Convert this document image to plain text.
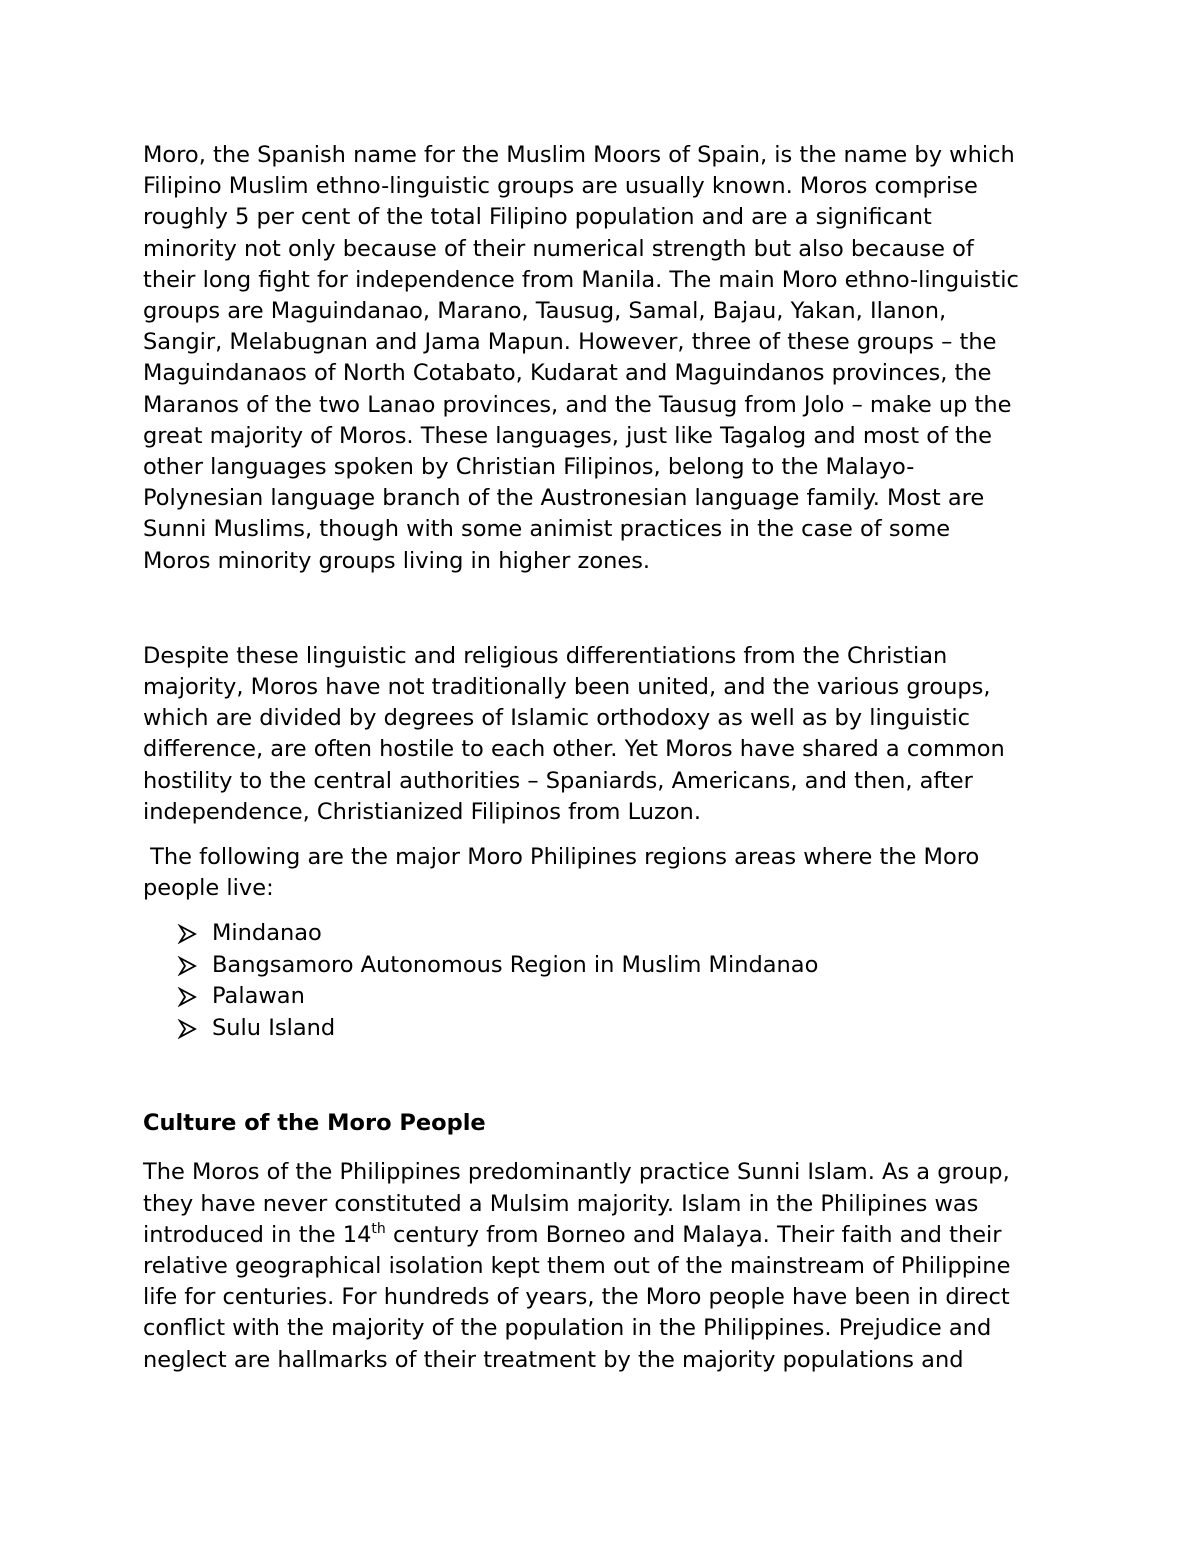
Moro, the Spanish name for the Muslim Moors of Spain, is the name by which
Filipino Muslim ethno-linguistic groups are usually known. Moros comprise
roughly 5 per cent of the total Filipino population and are a significant
minority not only because of their numerical strength but also because of
their long fight for independence from Manila. The main Moro ethno-linguistic
groups are Maguindanao, Marano, Tausug, Samal, Bajau, Yakan, Ilanon,
Sangir, Melabugnan and Jama Mapun. However, three of these groups – the
Maguindanaos of North Cotabato, Kudarat and Maguindanos provinces, the
Maranos of the two Lanao provinces, and the Tausug from Jolo – make up the
great majority of Moros. These languages, just like Tagalog and most of the
other languages spoken by Christian Filipinos, belong to the Malayo-
Polynesian language branch of the Austronesian language family. Most are
Sunni Muslims, though with some animist practices in the case of some
Moros minority groups living in higher zones.

Despite these linguistic and religious differentiations from the Christian
majority, Moros have not traditionally been united, and the various groups,
which are divided by degrees of Islamic orthodoxy as well as by linguistic
difference, are often hostile to each other. Yet Moros have shared a common
hostility to the central authorities – Spaniards, Americans, and then, after
independence, Christianized Filipinos from Luzon.

The following are the major Moro Philipines regions areas where the Moro
people live:

Mindanao
Bangsamoro Autonomous Region in Muslim Mindanao
Palawan
Sulu Island
Culture of the Moro People

The Moros of the Philippines predominantly practice Sunni Islam. As a group,
they have never constituted a Mulsim majority. Islam in the Philipines was
introduced in the 14th century from Borneo and Malaya. Their faith and their
relative geographical isolation kept them out of the mainstream of Philippine
life for centuries. For hundreds of years, the Moro people have been in direct
conflict with the majority of the population in the Philippines. Prejudice and
neglect are hallmarks of their treatment by the majority populations and
